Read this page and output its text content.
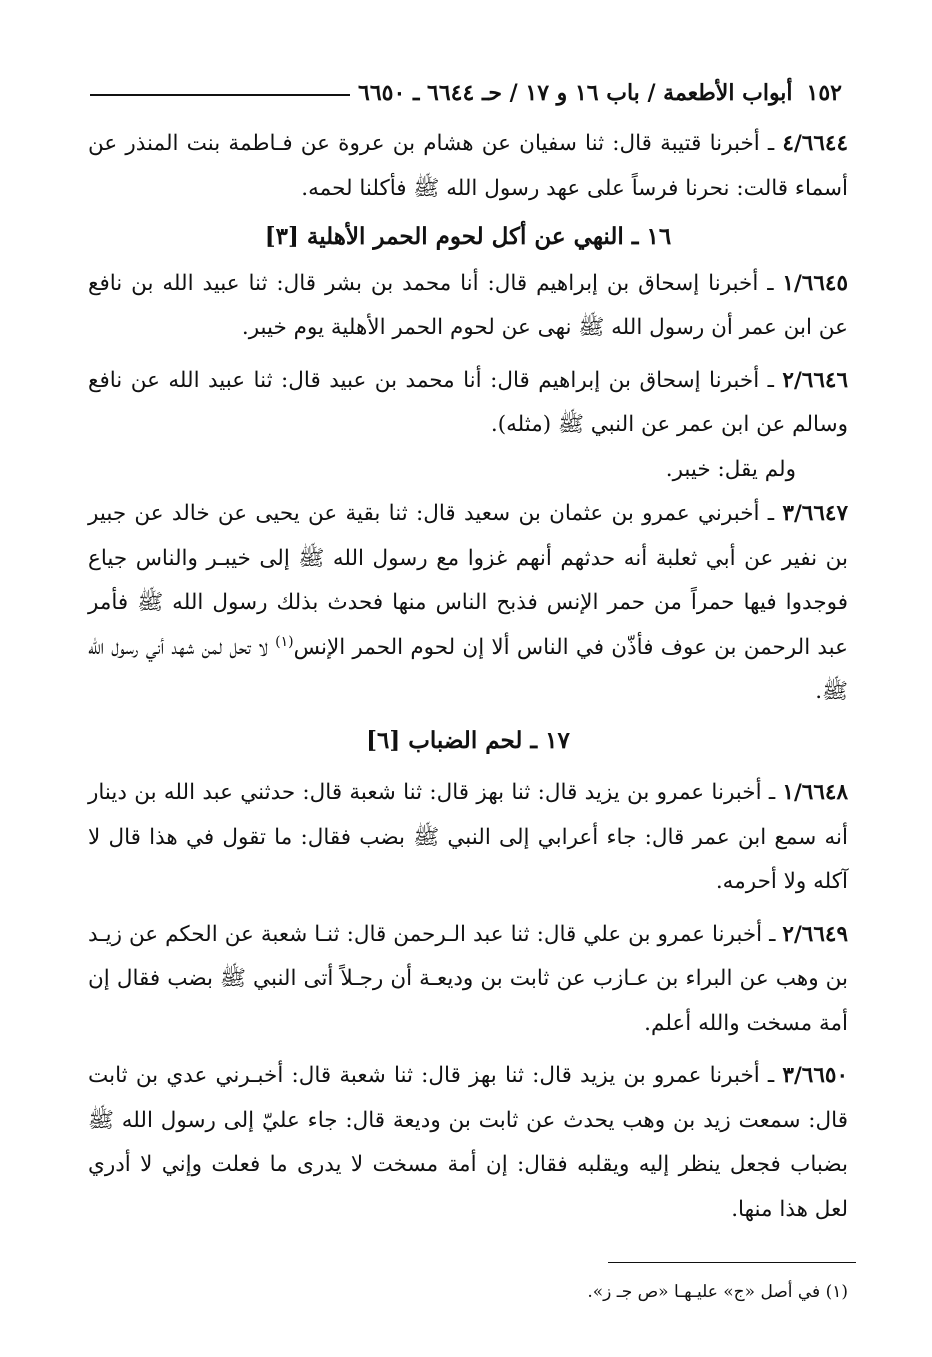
١٥٢
أبواب الأطعمة / باب ١٦ و ١٧ / حـ ٦٦٤٤ ـ ٦٦٥٠

٤/٦٦٤٤ ـ أخبرنا قتيبة قال: ثنا سفيان عن هشام بن عروة عن فـاطمة بنت المنذر عن أسماء قالت: نحرنا فرساً على عهد رسول الله ﷺ فأكلنا لحمه.

١٦ ـ النهي عن أكل لحوم الحمر الأهلية [٣]

١/٦٦٤٥ ـ أخبرنا إسحاق بن إبراهيم قال: أنا محمد بن بشر قال: ثنا عبيد الله بن نافع عن ابن عمر أن رسول الله ﷺ نهى عن لحوم الحمر الأهلية يوم خيبر.

٢/٦٦٤٦ ـ أخبرنا إسحاق بن إبراهيم قال: أنا محمد بن عبيد قال: ثنا عبيد الله عن نافع وسالم عن ابن عمر عن النبي ﷺ (مثله).

ولم يقل: خيبر.

٣/٦٦٤٧ ـ أخبرني عمرو بن عثمان بن سعيد قال: ثنا بقية عن يحيى عن خالد عن جبير بن نفير عن أبي ثعلبة أنه حدثهم أنهم غزوا مع رسول الله ﷺ إلى خيبـر والناس جياع فوجدوا فيها حمراً من حمر الإنس فذبح الناس منها فحدث بذلك رسول الله ﷺ فأمر عبد الرحمن بن عوف فأذّن في الناس ألا إن لحوم الحمر الإنس$^{(١)}$ لا تحل لمن شهد أني رسول الله ﷺ.

١٧ ـ لحم الضباب [٦]

١/٦٦٤٨ ـ أخبرنا عمرو بن يزيد قال: ثنا بهز قال: ثنا شعبة قال: حدثني عبد الله بن دينار أنه سمع ابن عمر قال: جاء أعرابي إلى النبي ﷺ بضب فقال: ما تقول في هذا قال لا آكله ولا أحرمه.

٢/٦٦٤٩ ـ أخبرنا عمرو بن علي قال: ثنا عبد الـرحمن قال: ثنـا شعبة عن الحكم عن زيـد بن وهب عن البراء بن عـازب عن ثابت بن وديعـة أن رجـلاً أتى النبي ﷺ بضب فقال إن أمة مسخت والله أعلم.

٣/٦٦٥٠ ـ أخبرنا عمرو بن يزيد قال: ثنا بهز قال: ثنا شعبة قال: أخبـرني عدي بن ثابت قال: سمعت زيد بن وهب يحدث عن ثابت بن وديعة قال: جاء عليّ إلى رسول الله ﷺ بضباب فجعل ينظر إليه ويقلبه فقال: إن أمة مسخت لا يدرى ما فعلت وإني لا أدري لعل هذا منها.

(١) في أصل «ج» عليـهـا «ص جـ ز».
